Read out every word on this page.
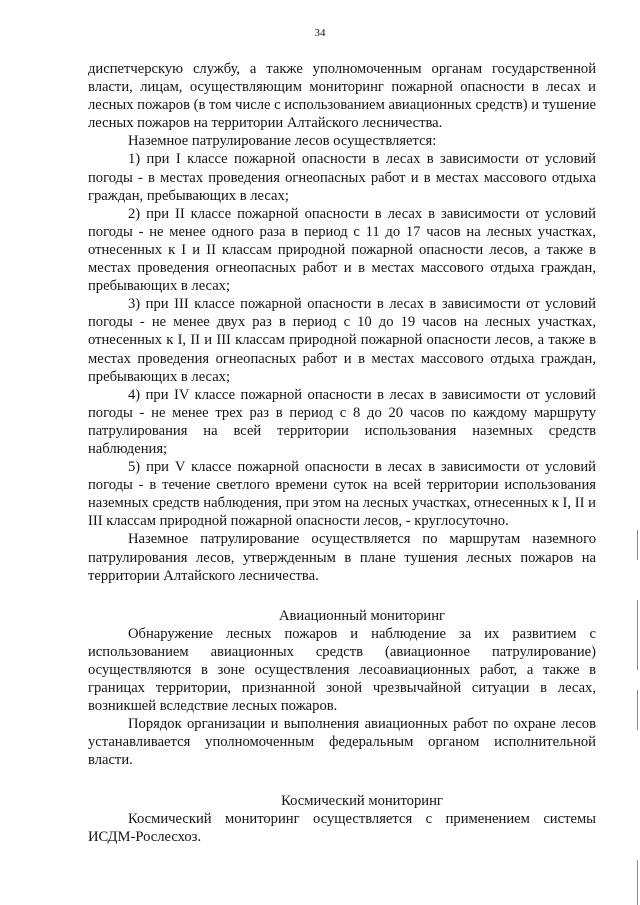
34

диспетчерскую службу, а также уполномоченным органам государственной власти, лицам, осуществляющим мониторинг пожарной опасности в лесах и лесных пожаров (в том числе с использованием авиационных средств) и тушение лесных пожаров на территории Алтайского лесничества.

Наземное патрулирование лесов осуществляется:

1) при I классе пожарной опасности в лесах в зависимости от условий погоды - в местах проведения огнеопасных работ и в местах массового отдыха граждан, пребывающих в лесах;

2) при II классе пожарной опасности в лесах в зависимости от условий погоды - не менее одного раза в период с 11 до 17 часов на лесных участках, отнесенных к I и II классам природной пожарной опасности лесов, а также в местах проведения огнеопасных работ и в местах массового отдыха граждан, пребывающих в лесах;

3) при III классе пожарной опасности в лесах в зависимости от условий погоды - не менее двух раз в период с 10 до 19 часов на лесных участках, отнесенных к I, II и III классам природной пожарной опасности лесов, а также в местах проведения огнеопасных работ и в местах массового отдыха граждан, пребывающих в лесах;

4) при IV классе пожарной опасности в лесах в зависимости от условий погоды - не менее трех раз в период с 8 до 20 часов по каждому маршруту патрулирования на всей территории использования наземных средств наблюдения;

5) при V классе пожарной опасности в лесах в зависимости от условий погоды - в течение светлого времени суток на всей территории использования наземных средств наблюдения, при этом на лесных участках, отнесенных к I, II и III классам природной пожарной опасности лесов, - круглосуточно.

Наземное патрулирование осуществляется по маршрутам наземного патрулирования лесов, утвержденным в плане тушения лесных пожаров на территории Алтайского лесничества.

Авиационный мониторинг

Обнаружение лесных пожаров и наблюдение за их развитием с использованием авиационных средств (авиационное патрулирование) осуществляются в зоне осуществления лесоавиационных работ, а также в границах территории, признанной зоной чрезвычайной ситуации в лесах, возникшей вследствие лесных пожаров.

Порядок организации и выполнения авиационных работ по охране лесов устанавливается уполномоченным федеральным органом исполнительной власти.

Космический мониторинг

Космический мониторинг осуществляется с применением системы ИСДМ-Рослесхоз.
